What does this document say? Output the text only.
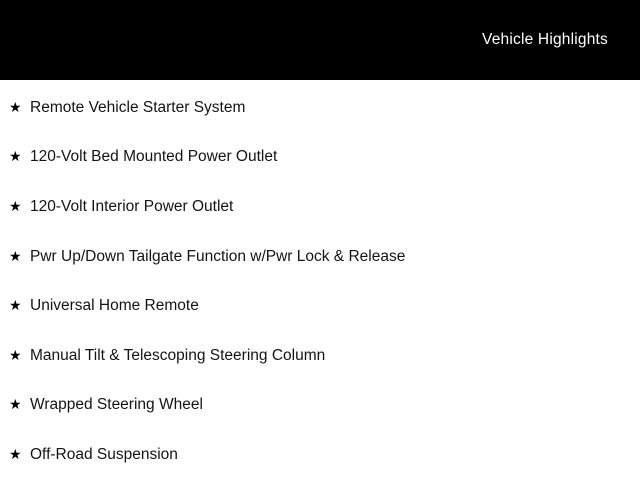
Vehicle Highlights
★ Remote Vehicle Starter System
★ 120-Volt Bed Mounted Power Outlet
★ 120-Volt Interior Power Outlet
★ Pwr Up/Down Tailgate Function w/Pwr Lock & Release
★ Universal Home Remote
★ Manual Tilt & Telescoping Steering Column
★ Wrapped Steering Wheel
★ Off-Road Suspension
